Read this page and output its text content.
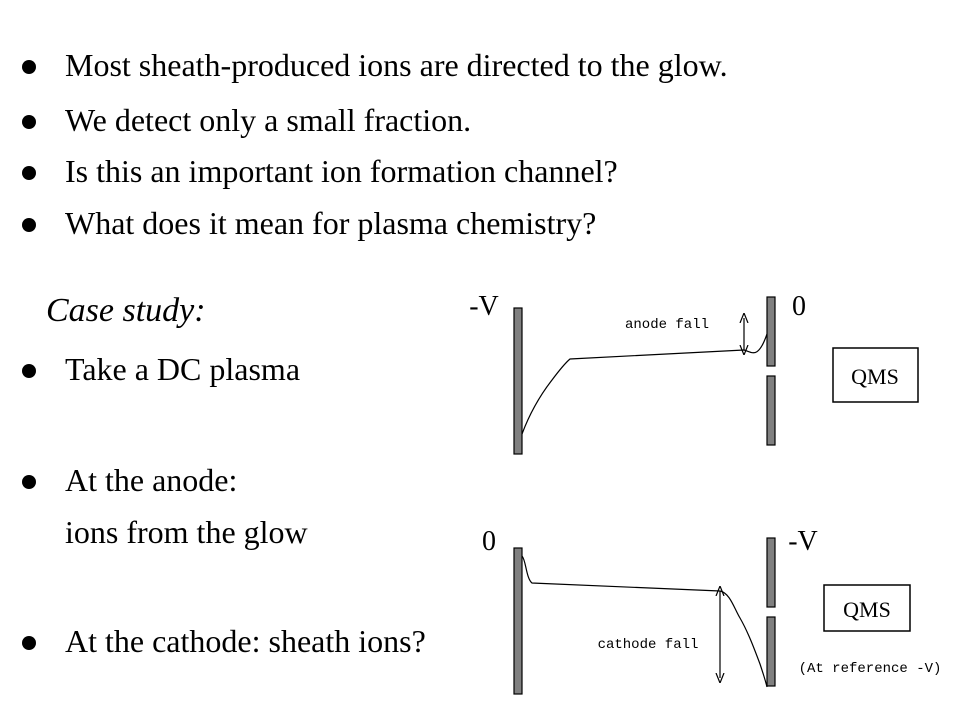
Most sheath-produced ions are directed to the glow.
We detect only a small fraction.
Is this an important ion formation channel?
What does it mean for plasma chemistry?
Case study:
Take a DC plasma
At the anode:
ions from the glow
At the cathode: sheath ions?
-V	0
anode fall
QMS
0	-V
cathode fall
QMS
(At reference -V)
